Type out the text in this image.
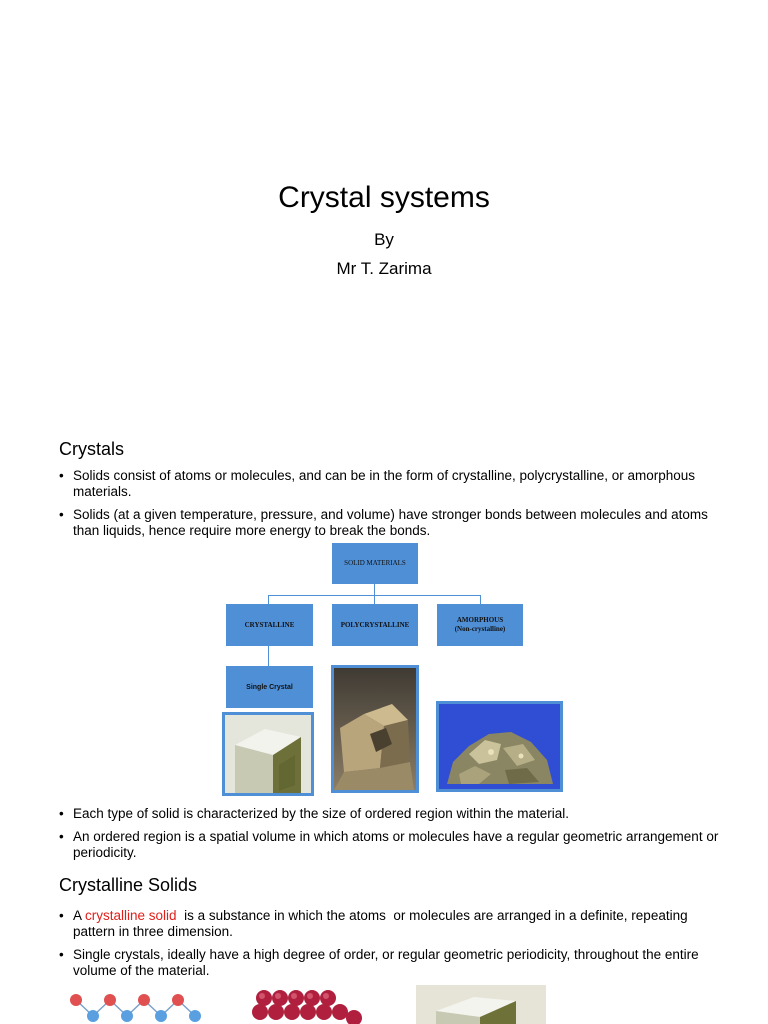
Crystal systems
By
Mr T. Zarima
Crystals
• Solids consist of atoms or molecules, and can be in the form of crystalline, polycrystalline, or amorphous materials.
• Solids (at a given temperature, pressure, and volume) have stronger bonds between molecules and atoms than liquids, hence require more energy to break the bonds.
SOLID MATERIALS
CRYSTALLINE	POLYCRYSTALLINE
AMORPHOUS
(Non-crystalline)
Single Crystal
• Each type of solid is characterized by the size of ordered region within the material.
• An ordered region is a spatial volume in which atoms or molecules have a regular geometric arrangement or periodicity.
Crystalline Solids
• A crystalline solid  is a substance in which the atoms  or molecules are arranged in a definite, repeating pattern in three dimension.
• Single crystals, ideally have a high degree of order, or regular geometric periodicity, throughout the entire volume of the material.
